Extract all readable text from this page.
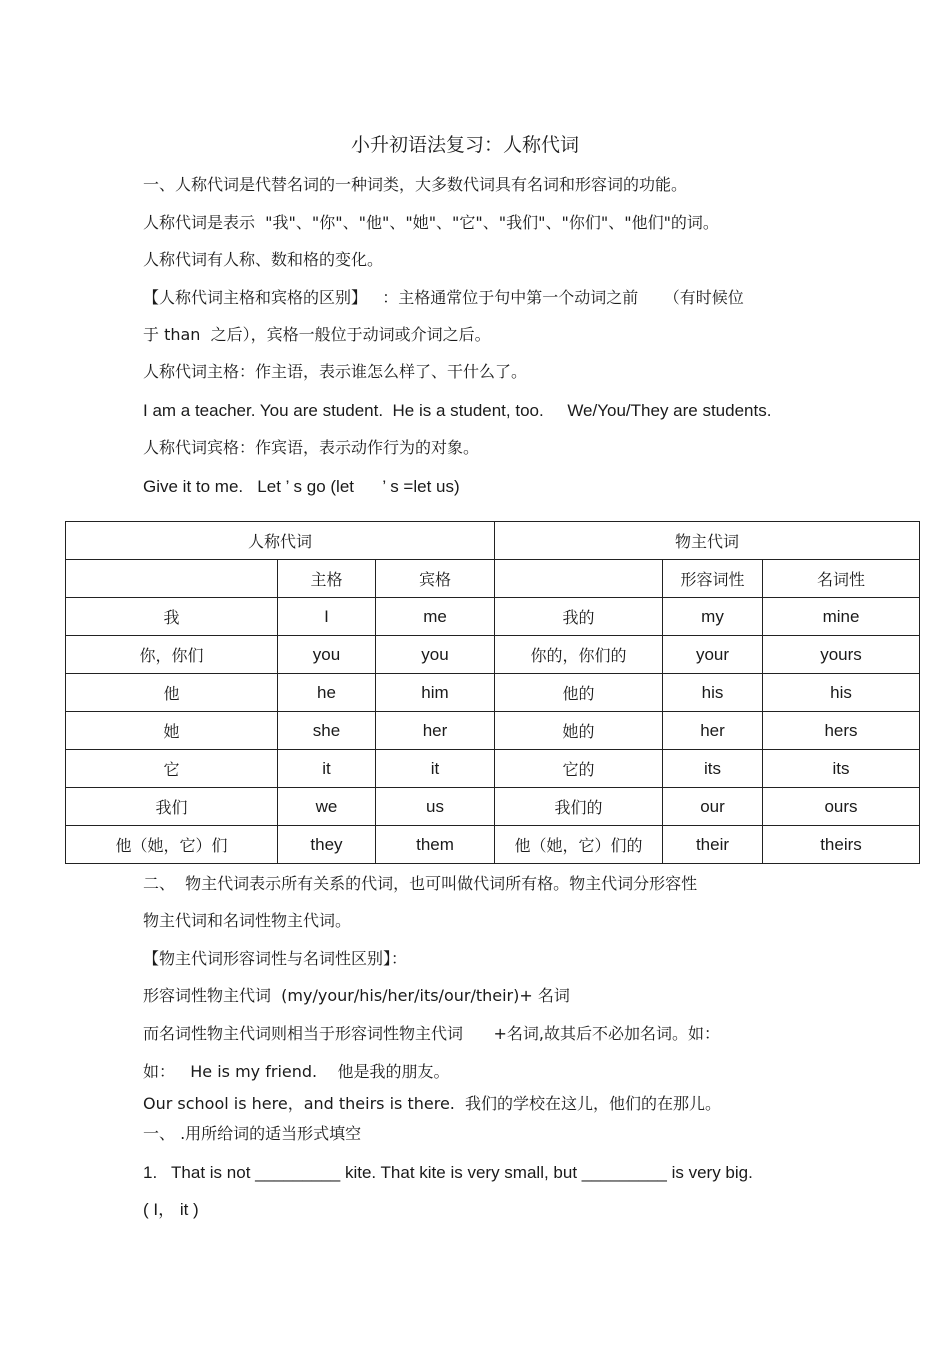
小升初语法复习：人称代词
一、人称代词是代替名词的一种词类，大多数代词具有名词和形容词的功能。
人称代词是表示  "我"、"你"、"他"、"她"、"它"、"我们"、"你们"、"他们"的词。
人称代词有人称、数和格的变化。
【人称代词主格和宾格的区别】   ：主格通常位于句中第一个动词之前     （有时候位
于 than  之后），宾格一般位于动词或介词之后。
人称代词主格：作主语，表示谁怎么样了、干什么了。
I am a teacher. You are student.  He is a student, too.     We/You/They are students.
人称代词宾格：作宾语，表示动作行为的对象。
Give it to me.   Let ’ s go (let      ’ s =let us)
人称代词			物主代词		
	主格	宾格		形容词性	名词性
我	I	me	我的	my	mine
你，你们	you	you	你的，你们的	your	yours
他	he	him	他的	his	his
她	she	her	她的	her	hers
它	it	it	它的	its	its
我们	we	us	我们的	our	ours
他（她，它）们	they	them	他（她，它）们的	their	theirs
二、  物主代词表示所有关系的代词，也可叫做代词所有格。物主代词分形容性
物主代词和名词性物主代词。
【物主代词形容词性与名词性区别】：
形容词性物主代词  (my/your/his/her/its/our/their)+ 名词
而名词性物主代词则相当于形容词性物主代词      +名词,故其后不必加名词。如：
如：   He is my friend.    他是我的朋友。
Our school is here，and theirs is there.  我们的学校在这儿，他们的在那儿。
一、 .用所给词的适当形式填空
1.   That is not _________ kite. That kite is very small, but _________ is very big.
( I， it )
